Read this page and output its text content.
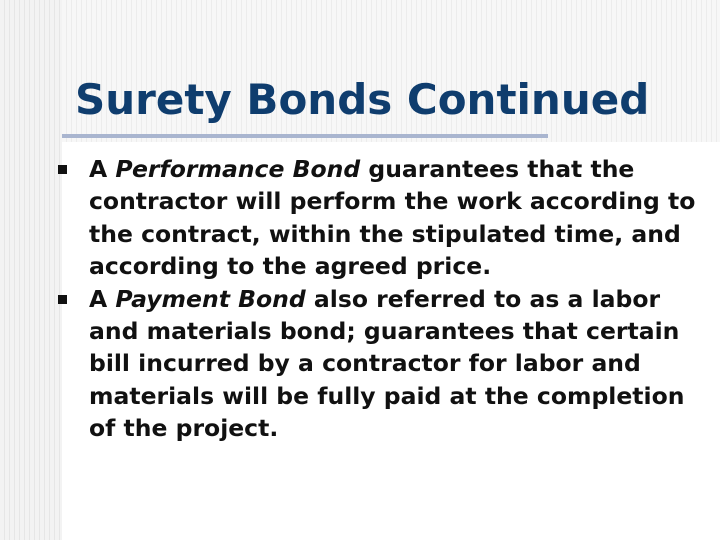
Surety Bonds Continued
A Performance Bond guarantees that the contractor will perform the work according to the contract, within the stipulated time, and according to the agreed price.
A Payment Bond also referred to as a labor and materials bond; guarantees that certain bill incurred by a contractor for labor and materials will be fully paid at the completion of the project.
